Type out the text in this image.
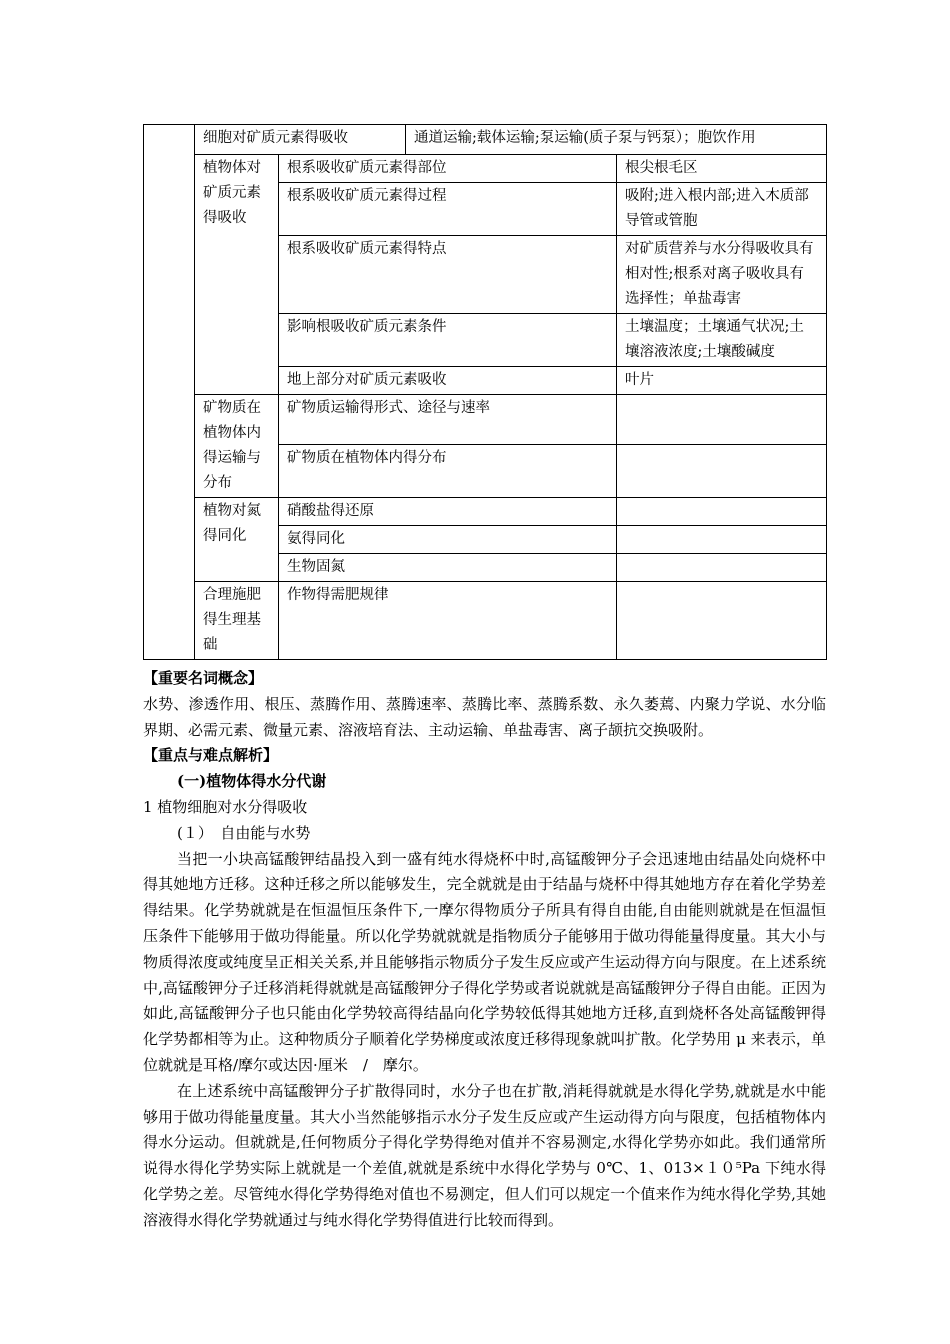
	细胞对矿质元素得吸收		通道运输;载体运输;泵运输(质子泵与钙泵）；胞饮作用	
	植物体对矿质元素得吸收	根系吸收矿质元素得部位		根尖根毛区
		根系吸收矿质元素得过程		吸附;进入根内部;进入木质部导管或管胞
		根系吸收矿质元素得特点		对矿质营养与水分得吸收具有相对性;根系对离子吸收具有选择性；单盐毒害
		影响根吸收矿质元素条件		土壤温度；土壤通气状况;土壤溶液浓度;土壤酸碱度
		地上部分对矿质元素吸收		叶片
	矿物质在植物体内得运输与分布	矿物质运输得形式、途径与速率		
		矿物质在植物体内得分布		
	植物对氮得同化	硝酸盐得还原		
		氨得同化		
		生物固氮		
	合理施肥得生理基础	作物得需肥规律		

【重要名词概念】

水势、渗透作用、根压、蒸腾作用、蒸腾速率、蒸腾比率、蒸腾系数、永久萎蔫、内聚力学说、水分临界期、必需元素、微量元素、溶液培育法、主动运输、单盐毒害、离子颉抗交换吸附。

【重点与难点解析】

(一)植物体得水分代谢

1 植物细胞对水分得吸收

(１）　自由能与水势

当把一小块高锰酸钾结晶投入到一盛有纯水得烧杯中时,高锰酸钾分子会迅速地由结晶处向烧杯中得其她地方迁移。这种迁移之所以能够发生，完全就就是由于结晶与烧杯中得其她地方存在着化学势差得结果。化学势就就是在恒温恒压条件下,一摩尔得物质分子所具有得自由能,自由能则就就是在恒温恒压条件下能够用于做功得能量。所以化学势就就就是指物质分子能够用于做功得能量得度量。其大小与物质得浓度或纯度呈正相关关系,并且能够指示物质分子发生反应或产生运动得方向与限度。在上述系统中,高锰酸钾分子迁移消耗得就就是高锰酸钾分子得化学势或者说就就是高锰酸钾分子得自由能。正因为如此,高锰酸钾分子也只能由化学势较高得结晶向化学势较低得其她地方迁移,直到烧杯各处高锰酸钾得化学势都相等为止。这种物质分子顺着化学势梯度或浓度迁移得现象就叫扩散。化学势用 μ 来表示，单位就就是耳格/摩尔或达因·厘米　/　摩尔。

在上述系统中高锰酸钾分子扩散得同时，水分子也在扩散,消耗得就就是水得化学势,就就是水中能够用于做功得能量度量。其大小当然能够指示水分子发生反应或产生运动得方向与限度，包括植物体内得水分运动。但就就是,任何物质分子得化学势得绝对值并不容易测定,水得化学势亦如此。我们通常所说得水得化学势实际上就就是一个差值,就就是系统中水得化学势与 0℃、1、013×１０⁵Pa 下纯水得化学势之差。尽管纯水得化学势得绝对值也不易测定，但人们可以规定一个值来作为纯水得化学势,其她溶液得水得化学势就通过与纯水得化学势得值进行比较而得到。
